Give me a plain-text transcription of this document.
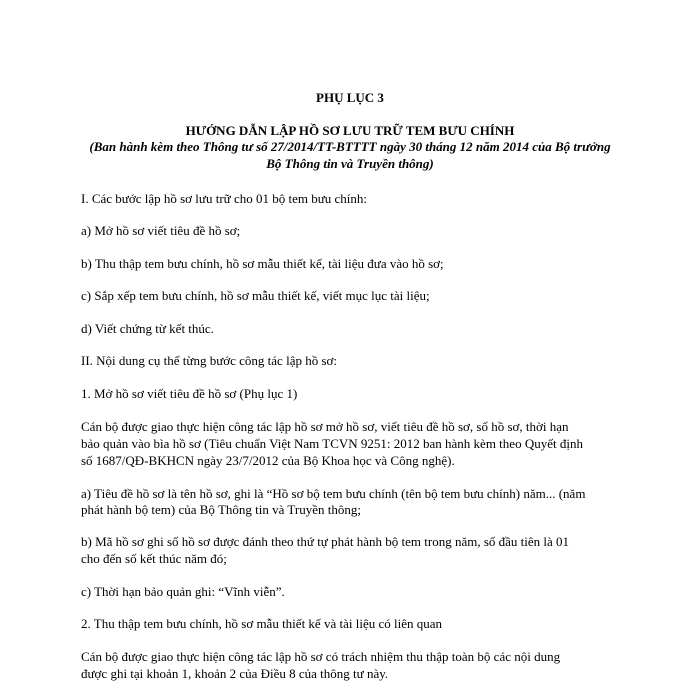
PHỤ LỤC 3

HƯỚNG DẪN LẬP HỒ SƠ LƯU TRỮ TEM BƯU CHÍNH

(Ban hành kèm theo Thông tư số 27/2014/TT-BTTTT ngày 30 tháng 12 năm 2014 của Bộ trưởng

Bộ Thông tin và Truyền thông)

I. Các bước lập hồ sơ lưu trữ cho 01 bộ tem bưu chính:

a) Mở hồ sơ viết tiêu đề hồ sơ;

b) Thu thập tem bưu chính, hồ sơ mẫu thiết kế, tài liệu đưa vào hồ sơ;

c) Sắp xếp tem bưu chính, hồ sơ mẫu thiết kế, viết mục lục tài liệu;

d) Viết chứng từ kết thúc.

II. Nội dung cụ thể từng bước công tác lập hồ sơ:

1. Mở hồ sơ viết tiêu đề hồ sơ (Phụ lục 1)

Cán bộ được giao thực hiện công tác lập hồ sơ mở hồ sơ, viết tiêu đề hồ sơ, số hồ sơ, thời hạn

bảo quản vào bìa hồ sơ (Tiêu chuẩn Việt Nam TCVN 9251: 2012 ban hành kèm theo Quyết định

số 1687/QĐ-BKHCN ngày 23/7/2012 của Bộ Khoa học và Công nghệ).

a) Tiêu đề hồ sơ là tên hồ sơ, ghi là “Hồ sơ bộ tem bưu chính (tên bộ tem bưu chính) năm... (năm

phát hành bộ tem) của Bộ Thông tin và Truyền thông;

b) Mã hồ sơ ghi số hồ sơ được đánh theo thứ tự phát hành bộ tem trong năm, số đầu tiên là 01

cho đến số kết thúc năm đó;

c) Thời hạn bảo quản ghi: “Vĩnh viễn”.

2. Thu thập tem bưu chính, hồ sơ mẫu thiết kế và tài liệu có liên quan

Cán bộ được giao thực hiện công tác lập hồ sơ có trách nhiệm thu thập toàn bộ các nội dung

được ghi tại khoản 1, khoản 2 của Điều 8 của thông tư này.
